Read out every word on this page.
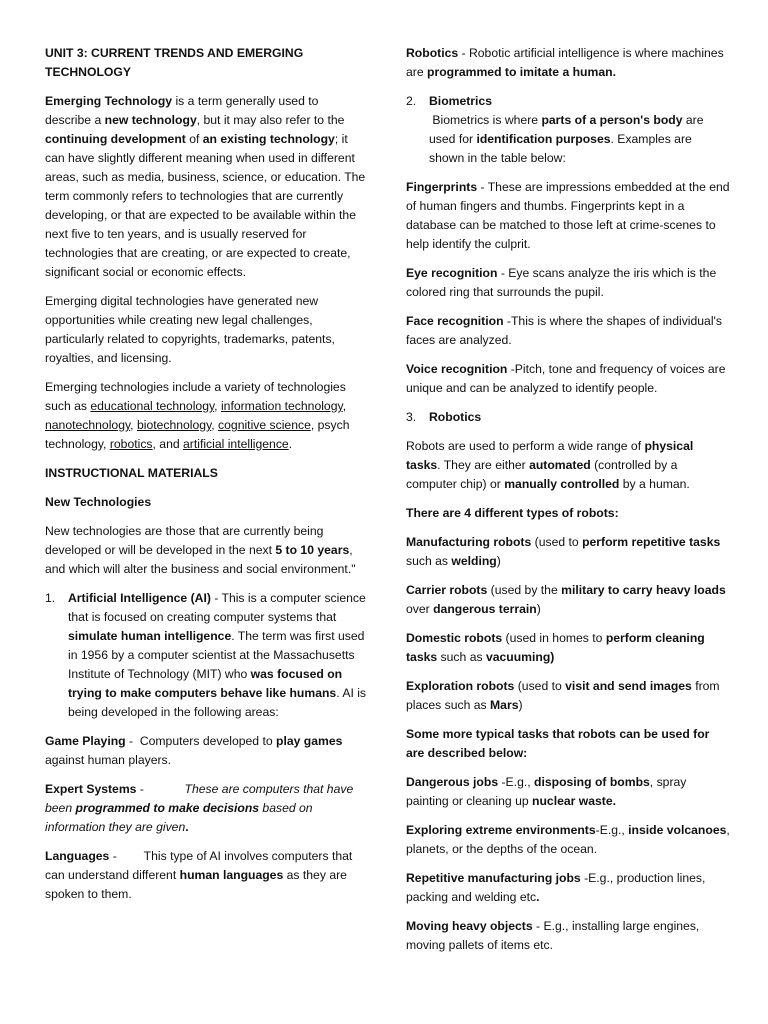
UNIT 3: CURRENT TRENDS AND EMERGING TECHNOLOGY

Emerging Technology is a term generally used to describe a new technology, but it may also refer to the continuing development of an existing technology; it can have slightly different meaning when used in different areas, such as media, business, science, or education. The term commonly refers to technologies that are currently developing, or that are expected to be available within the next five to ten years, and is usually reserved for technologies that are creating, or are expected to create, significant social or economic effects.

Emerging digital technologies have generated new opportunities while creating new legal challenges, particularly related to copyrights, trademarks, patents, royalties, and licensing.

Emerging technologies include a variety of technologies such as educational technology, information technology, nanotechnology, biotechnology, cognitive science, psych technology, robotics, and artificial intelligence.

INSTRUCTIONAL MATERIALS

New Technologies

New technologies are those that are currently being developed or will be developed in the next 5 to 10 years, and which will alter the business and social environment."

1. Artificial Intelligence (AI) - This is a computer science that is focused on creating computer systems that simulate human intelligence. The term was first used in 1956 by a computer scientist at the Massachusetts Institute of Technology (MIT) who was focused on trying to make computers behave like humans. AI is being developed in the following areas:

Game Playing -  Computers developed to play games against human players.

Expert Systems -            These are computers that have been programmed to make decisions based on information they are given.

Languages -        This type of AI involves computers that can understand different human languages as they are spoken to them.

Robotics - Robotic artificial intelligence is where machines are programmed to imitate a human.

2. Biometrics
Biometrics is where parts of a person's body are used for identification purposes. Examples are shown in the table below:

Fingerprints - These are impressions embedded at the end of human fingers and thumbs. Fingerprints kept in a database can be matched to those left at crime-scenes to help identify the culprit.

Eye recognition - Eye scans analyze the iris which is the colored ring that surrounds the pupil.

Face recognition -This is where the shapes of individual's faces are analyzed.

Voice recognition -Pitch, tone and frequency of voices are unique and can be analyzed to identify people.

3. Robotics

Robots are used to perform a wide range of physical tasks. They are either automated (controlled by a computer chip) or manually controlled by a human.

There are 4 different types of robots:

Manufacturing robots (used to perform repetitive tasks such as welding)

Carrier robots (used by the military to carry heavy loads over dangerous terrain)

Domestic robots (used in homes to perform cleaning tasks such as vacuuming)

Exploration robots (used to visit and send images from places such as Mars)

Some more typical tasks that robots can be used for are described below:

Dangerous jobs -E.g., disposing of bombs, spray painting or cleaning up nuclear waste.

Exploring extreme environments-E.g., inside volcanoes, planets, or the depths of the ocean.

Repetitive manufacturing jobs -E.g., production lines, packing and welding etc.

Moving heavy objects - E.g., installing large engines, moving pallets of items etc.
